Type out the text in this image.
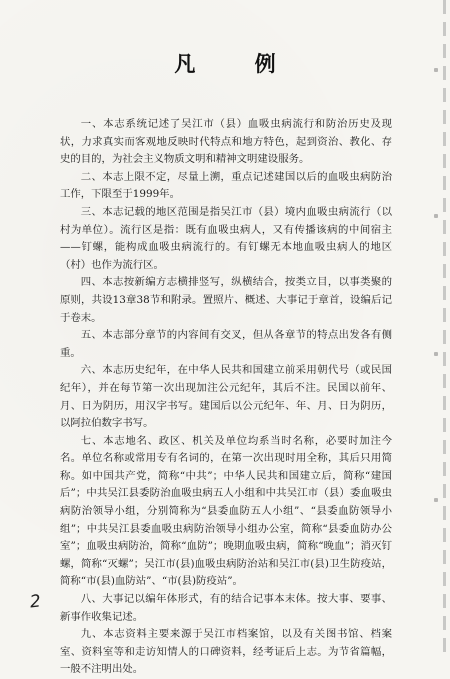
凡 例

一、本志系统记述了吴江市（县）血吸虫病流行和防治历史及现状，力求真实而客观地反映时代特点和地方特色，起到资治、教化、存史的目的，为社会主义物质文明和精神文明建设服务。

二、本志上限不定，尽量上溯，重点记述建国以后的血吸虫病防治工作，下限至于1999年。

三、本志记载的地区范围是指吴江市（县）境内血吸虫病流行（以村为单位）。流行区是指：既有血吸虫病人，又有传播该病的中间宿主——钉螺，能构成血吸虫病流行的。有钉螺无本地血吸虫病人的地区（村）也作为流行区。

四、本志按新编方志横排竖写，纵横结合，按类立目，以事类聚的原则，共设13章38节和附录。置照片、概述、大事记于章首，设编后记于卷末。

五、本志部分章节的内容间有交叉，但从各章节的特点出发各有侧重。

六、本志历史纪年，在中华人民共和国建立前采用朝代号（或民国纪年），并在每节第一次出现加注公元纪年，其后不注。民国以前年、月、日为阴历，用汉字书写。建国后以公元纪年、年、月、日为阴历，以阿拉伯数字书写。

七、本志地名、政区、机关及单位均系当时名称，必要时加注今名。单位名称或常用专有名词的，在第一次出现时用全称，其后只用简称。如中国共产党，简称“中共”；中华人民共和国建立后，简称“建国后”；中共吴江县委防治血吸虫病五人小组和中共吴江市（县）委血吸虫病防治领导小组，分别简称为“县委血防五人小组”、“县委血防领导小组”；中共吴江县委血吸虫病防治领导小组办公室，简称“县委血防办公室”；血吸虫病防治，简称“血防”；晚期血吸虫病，简称“晚血”；消灭钉螺，简称“灭螺”；吴江市(县)血吸虫病防治站和吴江市(县)卫生防疫站，简称“市(县)血防站”、“市(县)防疫站”。

八、大事记以编年体形式，有的结合记事本末体。按大事、要事、新事作收集记述。

九、本志资料主要来源于吴江市档案馆，以及有关图书馆、档案室、资料室等和走访知情人的口碑资料，经考证后上志。为节省篇幅，一般不注明出处。

2
